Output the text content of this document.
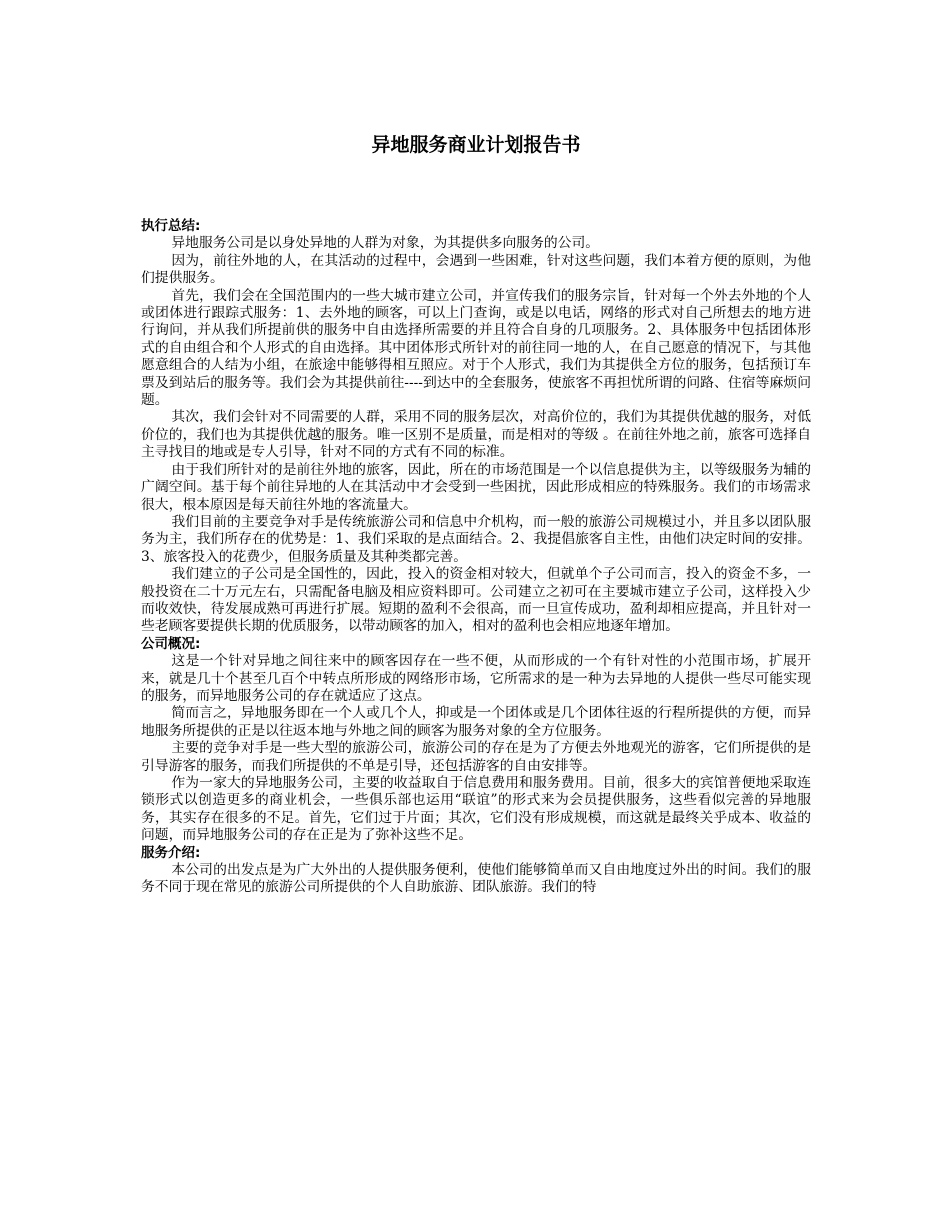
异地服务商业计划报告书

执行总结:

异地服务公司是以身处异地的人群为对象，为其提供多向服务的公司。

因为，前往外地的人，在其活动的过程中，会遇到一些困难，针对这些问题，我们本着方便的原则，为他们提供服务。

首先，我们会在全国范围内的一些大城市建立公司，并宣传我们的服务宗旨，针对每一个外去外地的个人或团体进行跟踪式服务：1、去外地的顾客，可以上门查询，或是以电话，网络的形式对自己所想去的地方进行询问，并从我们所提前供的服务中自由选择所需要的并且符合自身的几项服务。2、具体服务中包括团体形式的自由组合和个人形式的自由选择。其中团体形式所针对的前往同一地的人，在自己愿意的情况下，与其他愿意组合的人结为小组，在旅途中能够得相互照应。对于个人形式，我们为其提供全方位的服务，包括预订车票及到站后的服务等。我们会为其提供前往----到达中的全套服务，使旅客不再担忧所谓的问路、住宿等麻烦问题。

其次，我们会针对不同需要的人群，采用不同的服务层次，对高价位的，我们为其提供优越的服务，对低价位的，我们也为其提供优越的服务。唯一区别不是质量，而是相对的等级 。在前往外地之前，旅客可选择自主寻找目的地或是专人引导，针对不同的方式有不同的标准。

由于我们所针对的是前往外地的旅客，因此，所在的市场范围是一个以信息提供为主，以等级服务为辅的广阔空间。基于每个前往异地的人在其活动中才会受到一些困扰，因此形成相应的特殊服务。我们的市场需求很大，根本原因是每天前往外地的客流量大。

我们目前的主要竞争对手是传统旅游公司和信息中介机构，而一般的旅游公司规模过小，并且多以团队服务为主，我们所存在的优势是：1、我们采取的是点面结合。2、我提倡旅客自主性，由他们决定时间的安排。3、旅客投入的花费少，但服务质量及其种类都完善。

我们建立的子公司是全国性的，因此，投入的资金相对较大，但就单个子公司而言，投入的资金不多，一般投资在二十万元左右，只需配备电脑及相应资料即可。公司建立之初可在主要城市建立子公司，这样投入少而收效快，待发展成熟可再进行扩展。短期的盈利不会很高，而一旦宣传成功，盈利却相应提高，并且针对一些老顾客要提供长期的优质服务，以带动顾客的加入，相对的盈利也会相应地逐年增加。

公司概况:

这是一个针对异地之间往来中的顾客因存在一些不便，从而形成的一个有针对性的小范围市场，扩展开来，就是几十个甚至几百个中转点所形成的网络形市场，它所需求的是一种为去异地的人提供一些尽可能实现的服务，而异地服务公司的存在就适应了这点。

简而言之，异地服务即在一个人或几个人，抑或是一个团体或是几个团体往返的行程所提供的方便，而异地服务所提供的正是以往返本地与外地之间的顾客为服务对象的全方位服务。

主要的竞争对手是一些大型的旅游公司，旅游公司的存在是为了方便去外地观光的游客，它们所提供的是引导游客的服务，而我们所提供的不单是引导，还包括游客的自由安排等。

作为一家大的异地服务公司，主要的收益取自于信息费用和服务费用。目前，很多大的宾馆普便地采取连锁形式以创造更多的商业机会，一些俱乐部也运用“联谊”的形式来为会员提供服务，这些看似完善的异地服务，其实存在很多的不足。首先，它们过于片面；其次，它们没有形成规模，而这就是最终关乎成本、收益的问题，而异地服务公司的存在正是为了弥补这些不足。

服务介绍:

本公司的出发点是为广大外出的人提供服务便利，使他们能够简单而又自由地度过外出的时间。我们的服务不同于现在常见的旅游公司所提供的个人自助旅游、团队旅游。我们的特
